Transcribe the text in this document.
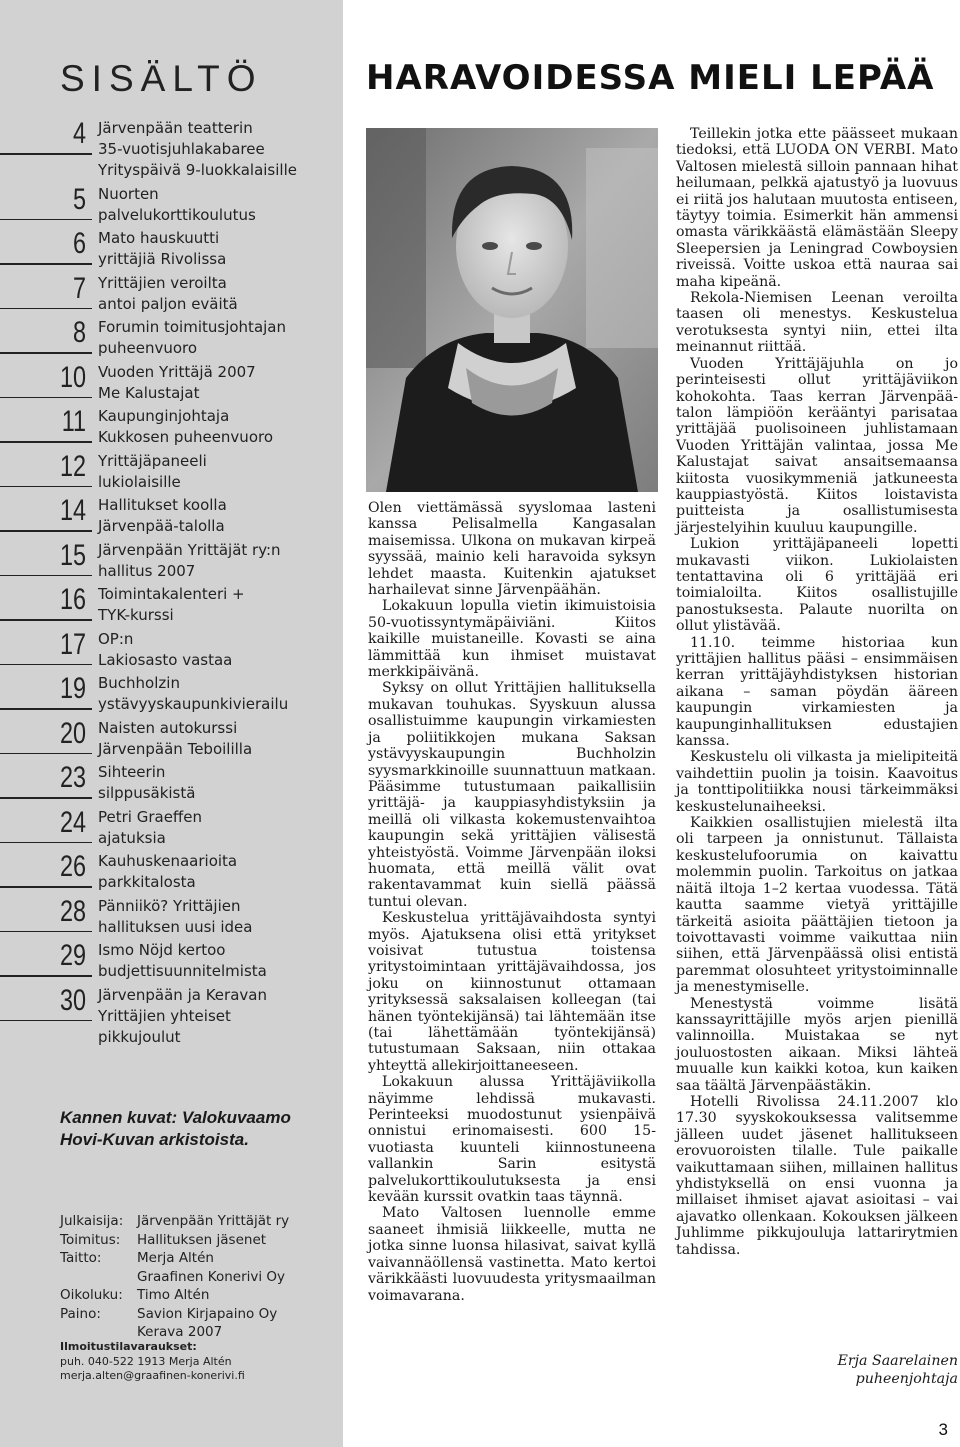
SISÄLTÖ
4 Järvenpään teatterin
35-vuotisjuhlakabaree
Yrityspäivä 9-luokkalaisille
5 Nuorten
palvelukorttikoulutus
6 Mato hauskuutti
yrittäjiä Rivolissa
7 Yrittäjien veroilta
antoi paljon eväitä
8 Forumin toimitusjohtajan
puheenvuoro
10 Vuoden Yrittäjä 2007
Me Kalustajat
11 Kaupunginjohtaja
Kukkosen puheenvuoro
12 Yrittäjäpaneeli
lukiolaisille
14 Hallitukset koolla
Järvenpää-talolla
15 Järvenpään Yrittäjät ry:n
hallitus 2007
16 Toimintakalenteri +
TYK-kurssi
17 OP:n
Lakiosasto vastaa
19 Buchholzin
ystävyyskaupunkivierailu
20 Naisten autokurssi
Järvenpään Teboililla
23 Sihteerin
silppusäkistä
24 Petri Graeffen
ajatuksia
26 Kauhuskenaarioita
parkkitalosta
28 Pänniikö? Yrittäjien
hallituksen uusi idea
29 Ismo Nöjd kertoo
budjettisuunnitelmista
30 Järvenpään ja Keravan
Yrittäjien yhteiset
pikkujoulut

Kannen kuvat: Valokuvaamo
Hovi-Kuvan arkistoista.

Julkaisija: Järvenpään Yrittäjät ry
Toimitus: Hallituksen jäsenet
Taitto:	Merja Altén
Graafinen Konerivi Oy
Oikoluku: Timo Altén
Paino:	Savion Kirjapaino Oy
Kerava 2007
Ilmoitustilavaraukset:
puh. 040-522 1913 Merja Altén
merja.alten@graafinen-konerivi.fi
HARAVOIDESSA MIELI LEPÄÄ

Olen viettämässä syyslomaa lasteni kanssa Pelisalmella Kangasalan maisemissa. Ulkona on mukavan kirpeä syyssää, mainio keli haravoida syksyn lehdet maasta. Kuitenkin ajatukset harhailevat sinne Järvenpäähän.

Lokakuun lopulla vietin ikimuistoisia 50-vuotissyntymäpäiviäni. Kiitos kaikille muistaneille. Kovasti se aina lämmittää kun ihmiset muistavat merkkipäivänä.

Syksy on ollut Yrittäjien hallituksella mukavan touhukas. Syyskuun alussa osallistuimme kaupungin virkamiesten ja poliitikkojen mukana Saksan ystävyyskaupungin Buchholzin syysmarkkinoille suunnattuun matkaan. Pääsimme tutustumaan paikallisiin yrittäjä- ja kauppiasyhdistyksiin ja meillä oli vilkasta kokemustenvaihtoa kaupungin sekä yrittäjien välisestä yhteistyöstä. Voimme Järvenpään iloksi huomata, että meillä välit ovat rakentavammat kuin siellä päässä tuntui olevan.

Keskustelua yrittäjävaihdosta syntyi myös. Ajatuksena olisi että yritykset voisivat tutustua toistensa yritystoimintaan yrittäjävaihdossa, jos joku on kiinnostunut ottamaan yrityksessä saksalaisen kolleegan (tai hänen työntekijänsä) tai lähtemään itse (tai lähettämään työntekijänsä) tutustumaan Saksaan, niin ottakaa yhteyttä allekirjoittaneeseen.

Lokakuun alussa Yrittäjäviikolla näyimme lehdissä mukavasti. Perinteeksi muodostunut ysienpäivä onnistui erinomaisesti. 600 15-vuotiasta kuunteli kiinnostuneena vallankin Sarin esitystä palvelukorttikoulutuksesta ja ensi kevään kurssit ovatkin taas täynnä.

Mato Valtosen luennolle emme saaneet ihmisiä liikkeelle, mutta ne jotka sinne luonsa hilasivat, saivat kyllä vaivannäöllensä vastinetta. Mato kertoi värikkäästi luovuudesta yritysmaailman voimavarana.

Teillekin jotka ette päässeet mukaan tiedoksi, että LUODA ON VERBI. Mato Valtosen mielestä silloin pannaan hihat heilumaan, pelkkä ajatustyö ja luovuus ei riitä jos halutaan muutosta entiseen, täytyy toimia. Esimerkit hän ammensi omasta värikkäästä elämästään Sleepy Sleepersien ja Leningrad Cowboysien riveissä. Voitte uskoa että nauraa sai maha kipeänä.

Rekola-Niemisen Leenan veroilta taasen oli menestys. Keskustelua verotuksesta syntyi niin, ettei ilta meinannut riittää.

Vuoden Yrittäjäjuhla on jo perinteisesti ollut yrittäjäviikon kohokohta. Taas kerran Järvenpää-talon lämpiöön kerääntyi parisataa yrittäjää puolisoineen juhlistamaan Vuoden Yrittäjän valintaa, jossa Me Kalustajat saivat ansaitsemaansa kiitosta vuosikymmeniä jatkuneesta kauppiastyöstä. Kiitos loistavista puitteista ja osallistumisesta järjestelyihin kuuluu kaupungille.

Lukion yrittäjäpaneeli lopetti mukavasti viikon. Lukiolaisten tentattavina oli 6 yrittäjää eri toimialoilta. Kiitos osallistujille panostuksesta. Palaute nuorilta on ollut ylistävää.

11.10. teimme historiaa kun yrittäjien hallitus pääsi – ensimmäisen kerran yrittäjäyhdistyksen historian aikana – saman pöydän ääreen kaupungin virkamiesten ja kaupunginhallituksen edustajien kanssa.

Keskustelu oli vilkasta ja mielipiteitä vaihdettiin puolin ja toisin. Kaavoitus ja tonttipolitiikka nousi tärkeimmäksi keskustelunaiheeksi.

Kaikkien osallistujien mielestä ilta oli tarpeen ja onnistunut. Tällaista keskustelufoorumia on kaivattu molemmin puolin. Tarkoitus on jatkaa näitä iltoja 1–2 kertaa vuodessa. Tätä kautta saamme vietyä yrittäjille tärkeitä asioita päättäjien tietoon ja toivottavasti voimme vaikuttaa niin siihen, että Järvenpäässä olisi entistä paremmat olosuhteet yritystoiminnalle ja menestymiselle.

Menestystä voimme lisätä kanssayrittäjille myös arjen pienillä valinnoilla. Muistakaa se nyt jouluostosten aikaan. Miksi lähteä muualle kun kaikki kotoa, kun kaiken saa täältä Järvenpäästäkin.

Hotelli Rivolissa 24.11.2007 klo 17.30 syyskokouksessa valitsemme jälleen uudet jäsenet hallitukseen erovuoroisten tilalle. Tule paikalle vaikuttamaan siihen, millainen hallitus yhdistyksellä on ensi vuonna ja millaiset ihmiset ajavat asioitasi – vai ajavatko ollenkaan. Kokouksen jälkeen Juhlimme pikkujouluja lattarirytmien tahdissa.

Erja Saarelainen
puheenjohtaja
3
